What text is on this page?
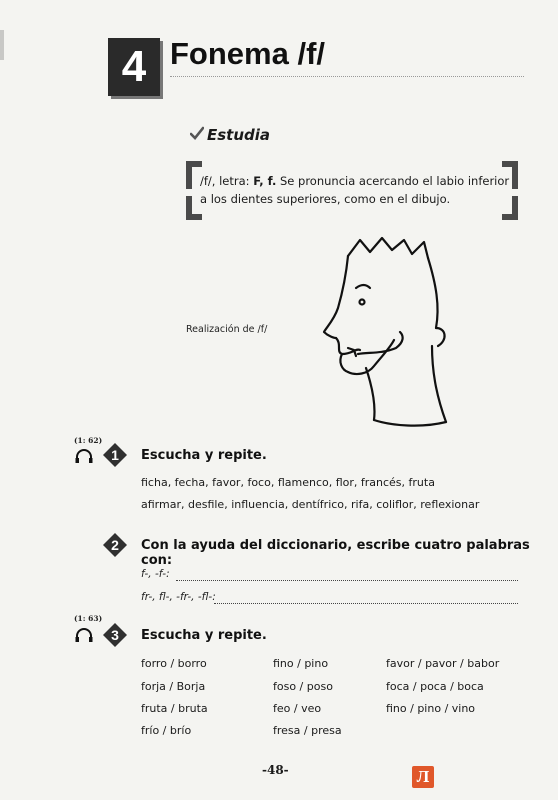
4 Fonema /f/
Estudia
/f/, letra: F, f. Se pronuncia acercando el labio inferior a los dientes superiores, como en el dibujo.
Realización de /f/
(1: 62)
1 Escucha y repite.
ficha, fecha, favor, foco, flamenco, flor, francés, fruta
afirmar, desfile, influencia, dentífrico, rifa, coliflor, reflexionar
2 Con la ayuda del diccionario, escribe cuatro palabras con:
f-, -f-:
fr-, fl-, -fr-, -fl-:
(1: 63)
3 Escucha y repite.
forro / borro
forja / Borja
fruta / bruta
frío / brío
fino / pino
foso / poso
feo / veo
fresa / presa
favor / pavor / babor
foca / poca / boca
fino / pino / vino
-48-	Л
